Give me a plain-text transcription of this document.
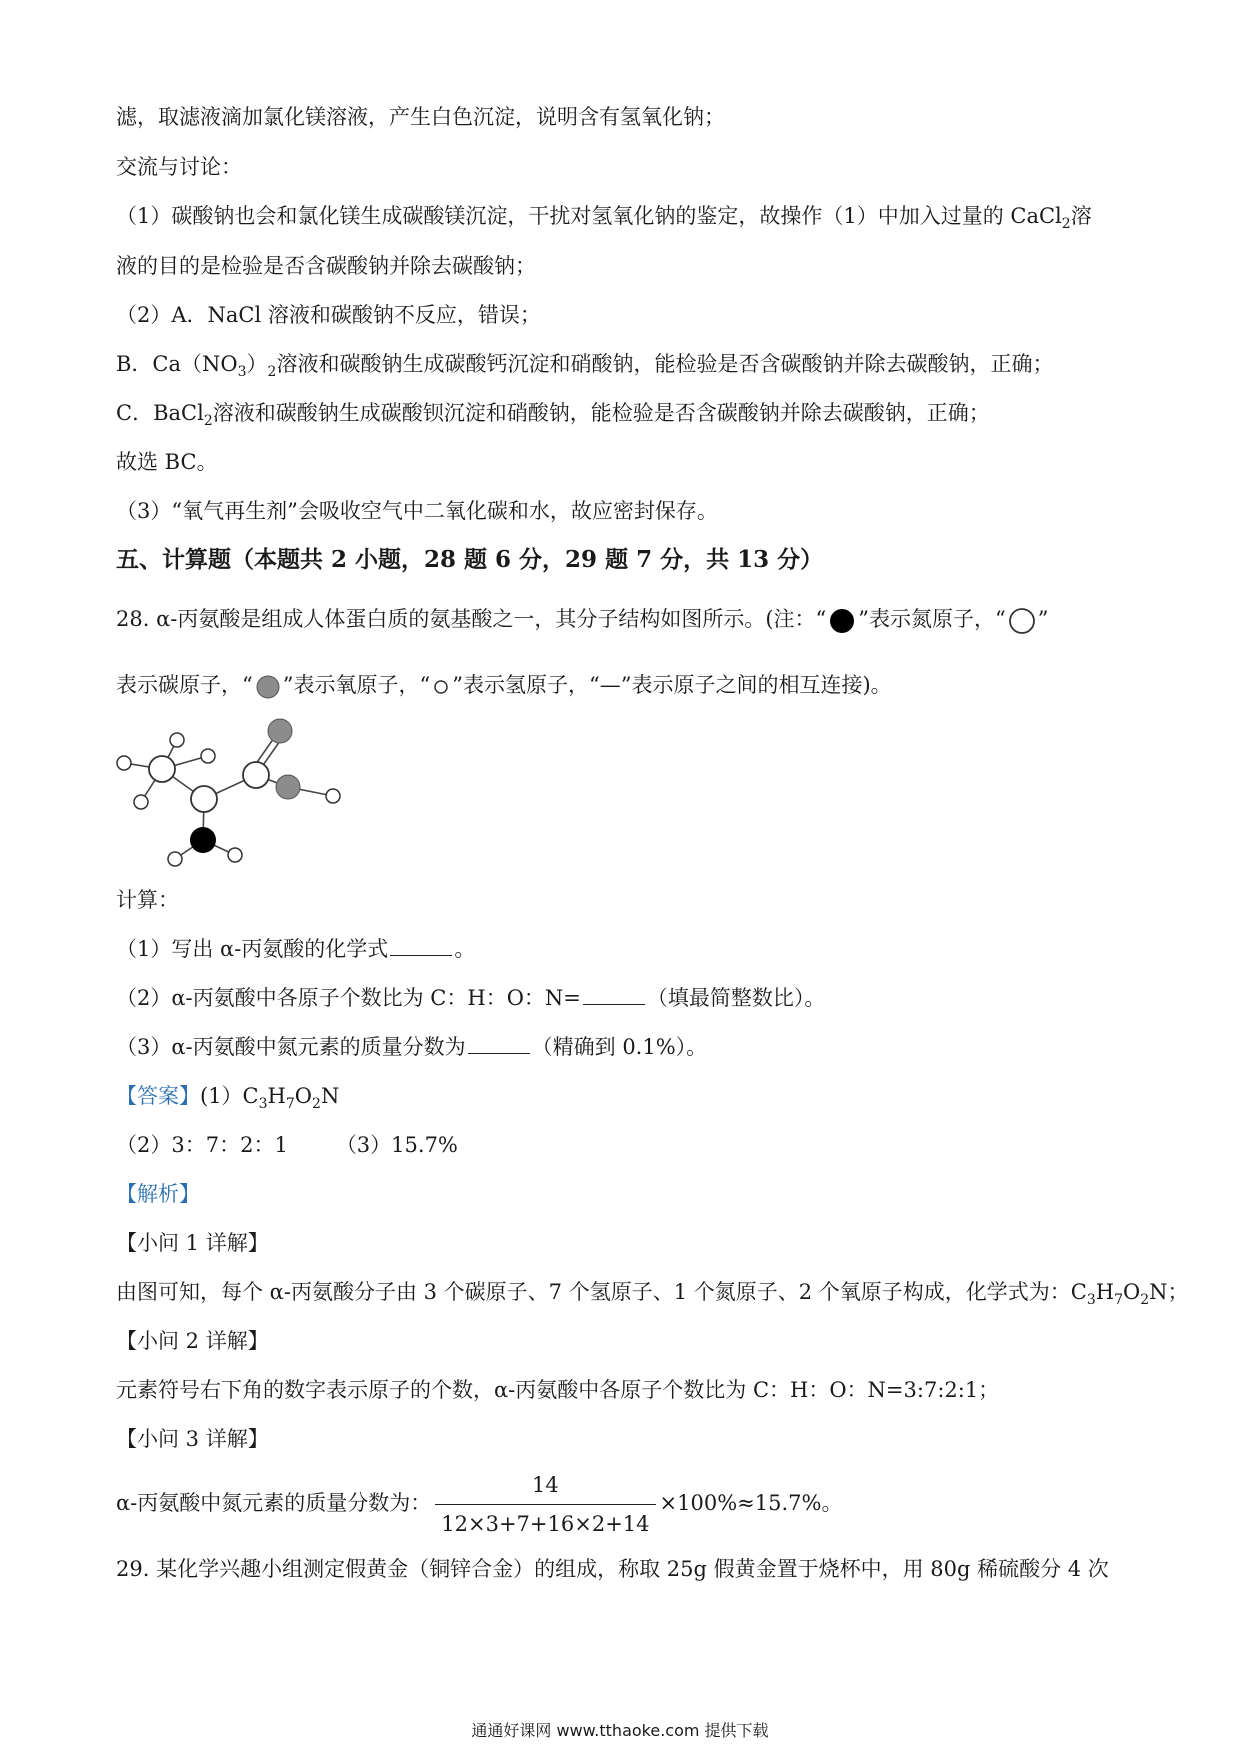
滤，取滤液滴加氯化镁溶液，产生白色沉淀，说明含有氢氧化钠；
交流与讨论：
（1）碳酸钠也会和氯化镁生成碳酸镁沉淀，干扰对氢氧化钠的鉴定，故操作（1）中加入过量的 CaCl$_2$溶
液的目的是检验是否含碳酸钠并除去碳酸钠；
（2）A．NaCl 溶液和碳酸钠不反应，错误；
B．$Ca(NO_3)_2$溶液和碳酸钠生成碳酸钙沉淀和硝酸钠，能检验是否含碳酸钠并除去碳酸钠，正确；
C．BaCl$_2$溶液和碳酸钠生成碳酸钡沉淀和硝酸钠，能检验是否含碳酸钠并除去碳酸钠，正确；
故选 BC。
（3）“氧气再生剂”会吸收空气中二氧化碳和水，故应密封保存。
五、计算题（本题共 2 小题，28 题 6 分，29 题 7 分，共 13 分）
28. α-丙氨酸是组成人体蛋白质的氨基酸之一，其分子结构如图所示。(注：“ ”表示氮原子，“ ”
表示碳原子，“ ”表示氧原子，“ ”表示氢原子，“—”表示原子之间的相互连接)。
计算：
（1）写出 α-丙氨酸的化学式	。
（2）α-丙氨酸中各原子个数比为 C：H：O：N=	（填最简整数比）。
（3）α-丙氨酸中氮元素的质量分数为	（精确到 0.1%）。
【答案】$(1)C_3H_7O_2N$
（2）3：7：2：1 （3）15.7%
【解析】
【小问 1 详解】
由图可知，每个 α-丙氨酸分子由 3 个碳原子、7 个氢原子、1 个氮原子、2 个氧原子构成，化学式为：$C_3H_7O_2N$；
【小问 2 详解】
元素符号右下角的数字表示原子的个数，α-丙氨酸中各原子个数比为 C：H：O：N=3:7:2:1；
【小问 3 详解】
α-丙氨酸中氮元素的质量分数为： $\frac{14}{12\times 3+7+16\times 2+14} \times 100\%\approx 15.7\%$。
29. 某化学兴趣小组测定假黄金（铜锌合金）的组成，称取 25g 假黄金置于烧杯中，用 80g 稀硫酸分 4 次
通通好课网 www.tthaoke.com 提供下载
